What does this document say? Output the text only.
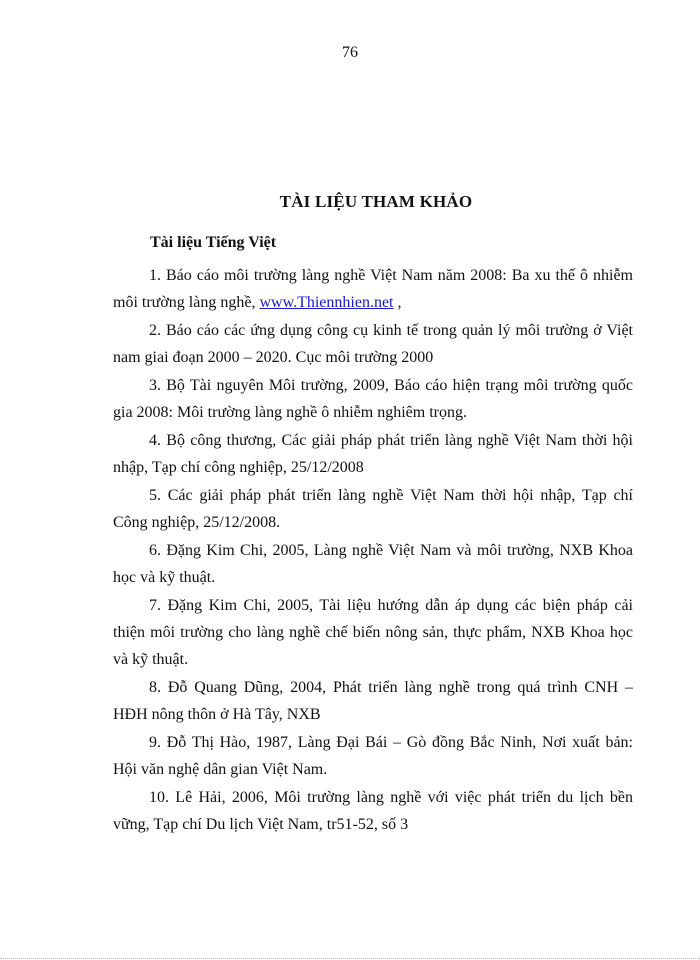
76
TÀI LIỆU THAM KHẢO
Tài liệu Tiếng Việt
1. Báo cáo môi trường làng nghề Việt Nam năm 2008: Ba xu thế ô nhiễm môi trường làng nghề, www.Thiennhien.net ,
2. Báo cáo các ứng dụng công cụ kinh tế trong quản lý môi trường ở Việt nam giai đoạn 2000 – 2020. Cục môi trường 2000
3. Bộ Tài nguyên Môi trường, 2009, Báo cáo hiện trạng môi trường quốc gia 2008: Môi trường làng nghề ô nhiễm nghiêm trọng.
4. Bộ công thương, Các giải pháp phát triển làng nghề Việt Nam thời hội nhập, Tạp chí công nghiệp, 25/12/2008
5. Các giải pháp phát triển làng nghề Việt Nam thời hội nhập, Tạp chí Công nghiệp, 25/12/2008.
6. Đặng Kim Chi, 2005, Làng nghề Việt Nam và môi trường, NXB Khoa học và kỹ thuật.
7. Đặng Kim Chi, 2005, Tài liệu hướng dẫn áp dụng các biện pháp cải thiện môi trường cho làng nghề chế biến nông sản, thực phẩm, NXB Khoa học và kỹ thuật.
8. Đỗ Quang Dũng, 2004, Phát triển làng nghề trong quá trình CNH – HĐH nông thôn ở Hà Tây, NXB
9. Đỗ Thị Hào, 1987, Làng Đại Bái – Gò đồng Bắc Ninh, Nơi xuất bản: Hội văn nghệ dân gian Việt Nam.
10. Lê Hải, 2006, Môi trường làng nghề với việc phát triển du lịch bền vững, Tạp chí Du lịch Việt Nam, tr51-52, số 3
